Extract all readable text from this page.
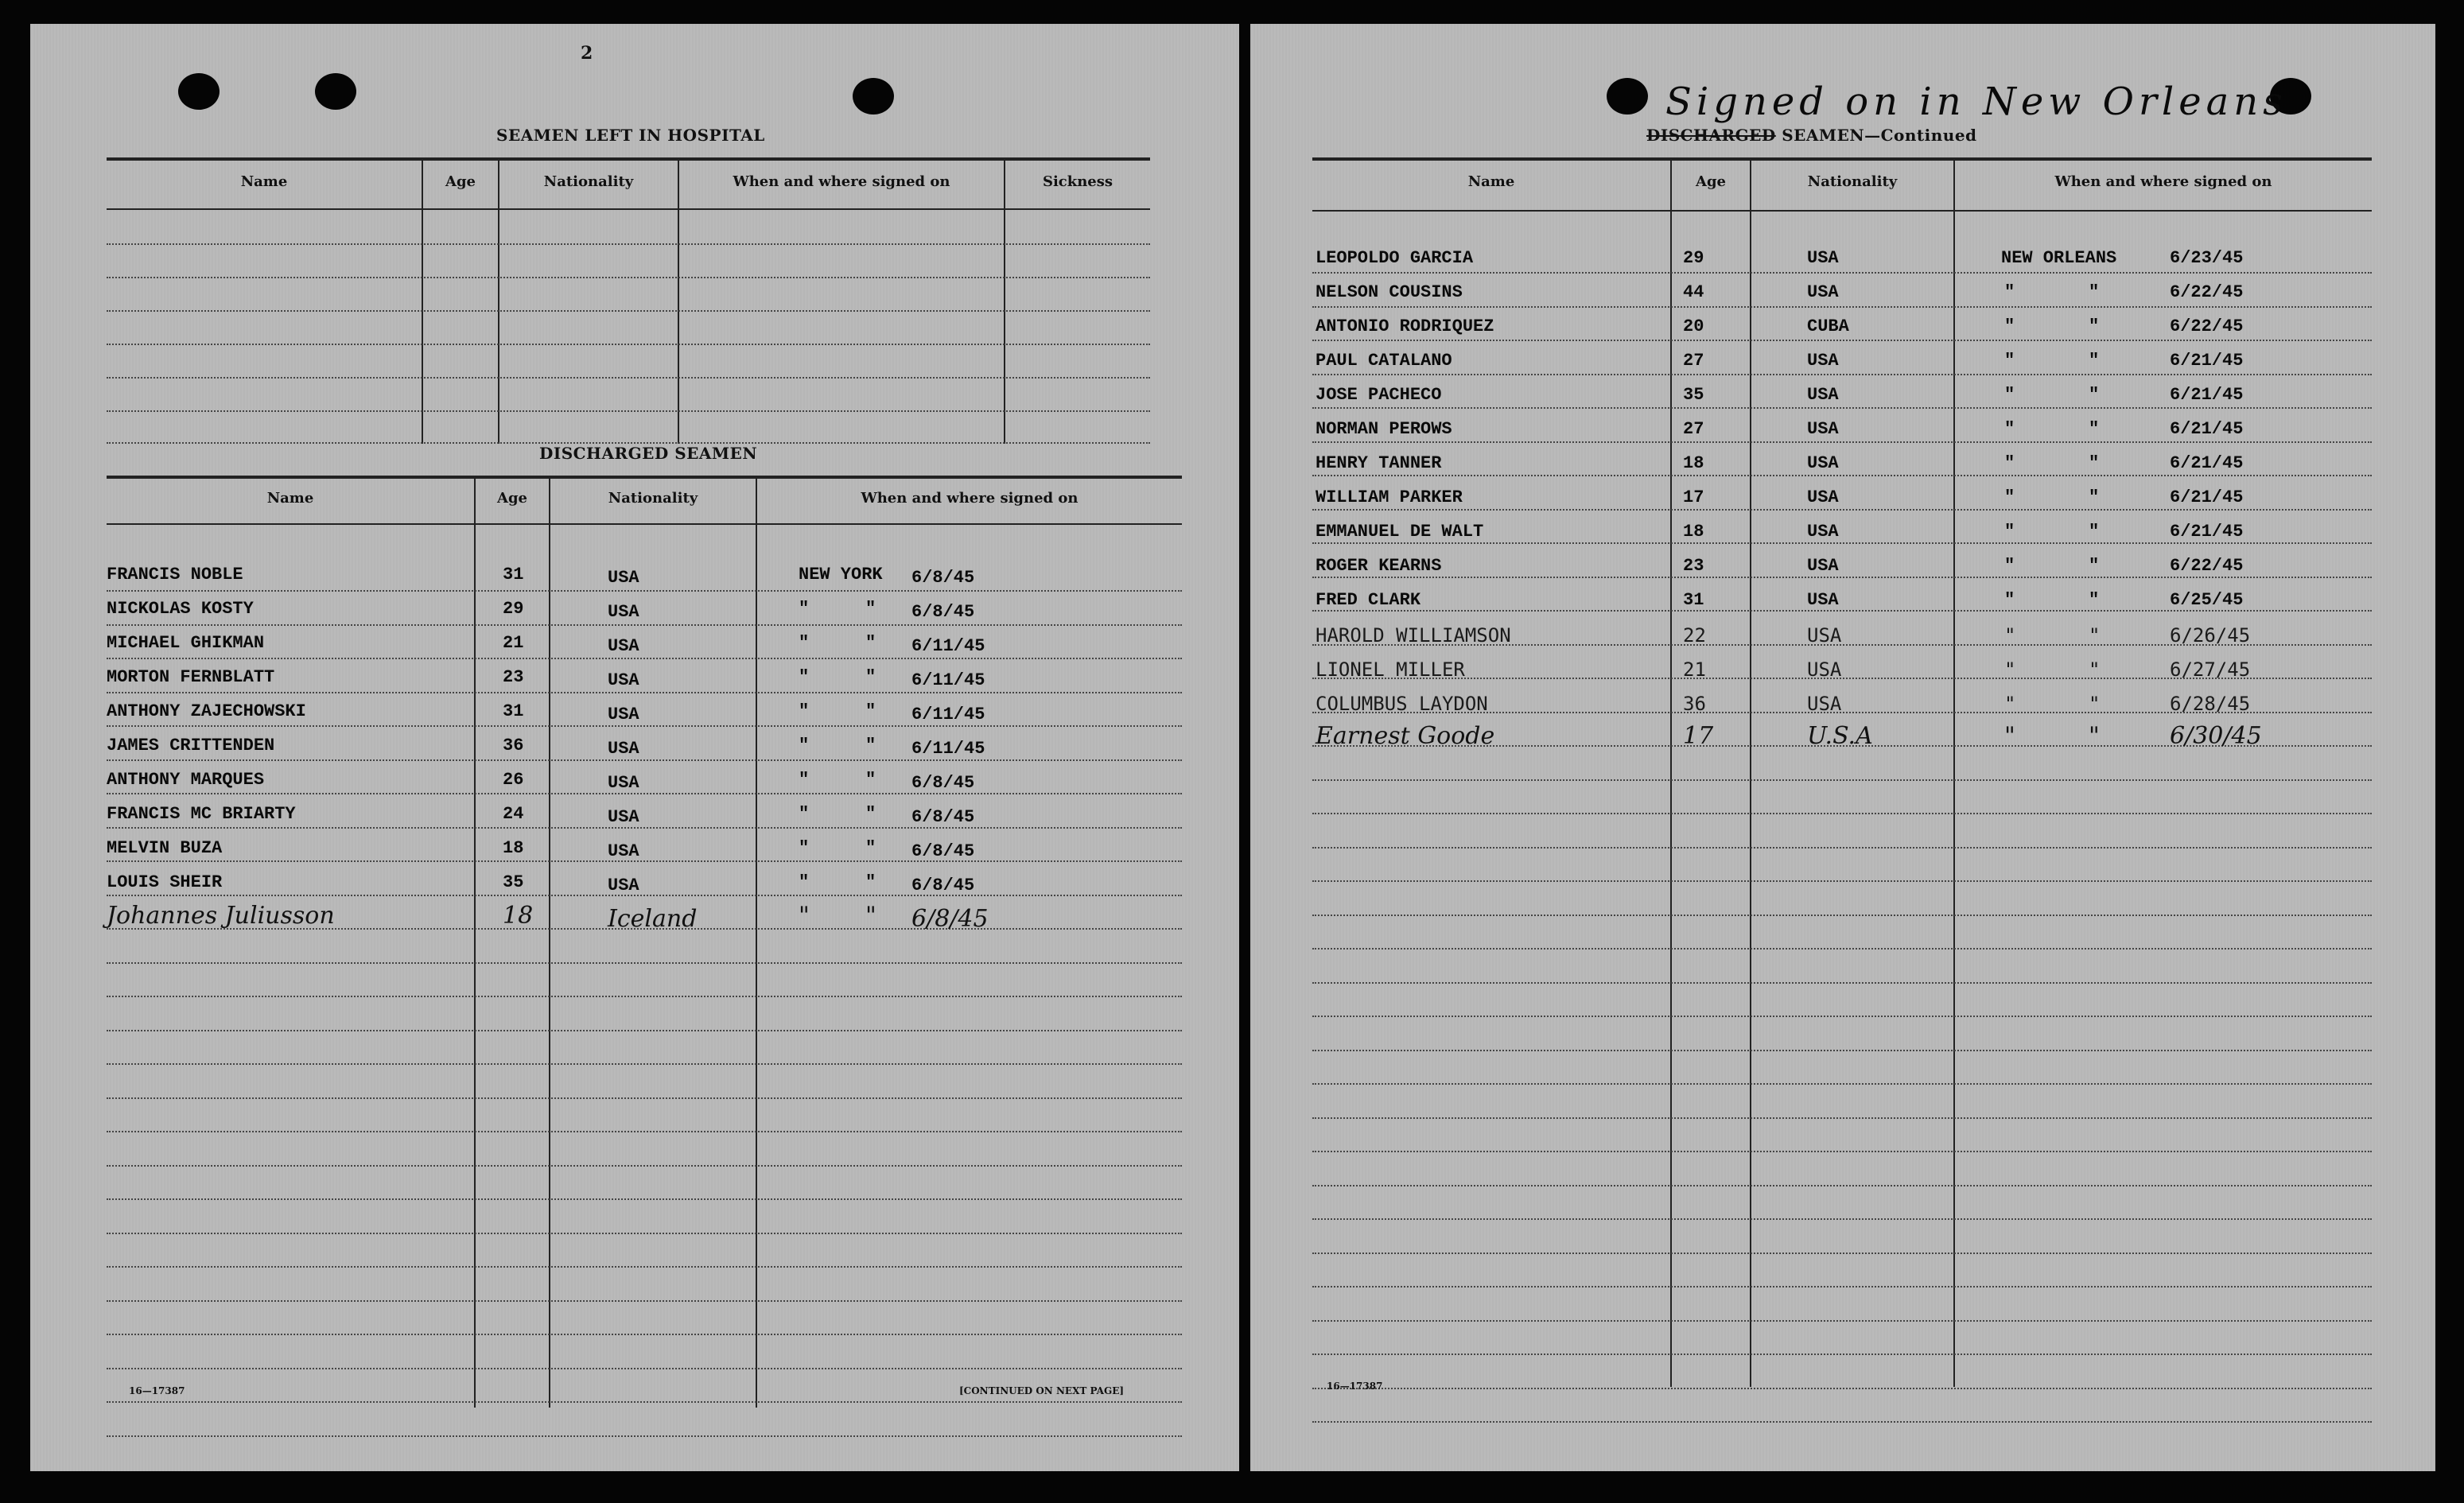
2
SEAMEN LEFT IN HOSPITAL
Name	Age	Nationality	When and where signed on	Sickness
DISCHARGED SEAMEN
Name	Age	Nationality	When and where signed on
FRANCIS NOBLE	31	USA	NEW YORK 6/8/45
NICKOLAS KOSTY	29	USA	"	" 6/8/45
MICHAEL GHIKMAN	21	USA	"	" 6/11/45
MORTON FERNBLATT	23	USA	"	" 6/11/45
ANTHONY ZAJECHOWSKI	31	USA	"	" 6/11/45
JAMES CRITTENDEN	36	USA	"	" 6/11/45
ANTHONY MARQUES	26	USA	"	" 6/8/45
FRANCIS MC BRIARTY	24	USA	"	" 6/8/45
MELVIN BUZA	18	USA	"	" 6/8/45
LOUIS SHEIR	35	USA	"	" 6/8/45
Johannes Juliusson	18	Iceland	" " 6/8/45
16—17387	[CONTINUED ON NEXT PAGE]
Signed on in New Orleans
DISCHARGED SEAMEN—Continued
Name	Age	Nationality	When and where signed on
LEOPOLDO GARCIA	29	USA	NEW ORLEANS	6/23/45
NELSON COUSINS	44	USA	"	"	6/22/45
ANTONIO RODRIQUEZ	20	CUBA	"	"	6/22/45
PAUL CATALANO	27	USA	"	"	6/21/45
JOSE PACHECO	35	USA	"	"	6/21/45
NORMAN PEROWS	27	USA	"	"	6/21/45
HENRY TANNER	18	USA	"	"	6/21/45
WILLIAM PARKER	17	USA	"	"	6/21/45
EMMANUEL DE WALT	18	USA	"	"	6/21/45
ROGER KEARNS	23	USA	"	"	6/22/45
FRED CLARK	31	USA	"	"	6/25/45
HAROLD WILLIAMSON	22	USA	"	"	6/26/45
LIONEL MILLER	21	USA	"	"	6/27/45
COLUMBUS LAYDON	36	USA	"	"	6/28/45
Earnest Goode	17	U.S.A	"	"	6/30/45
16—17387
